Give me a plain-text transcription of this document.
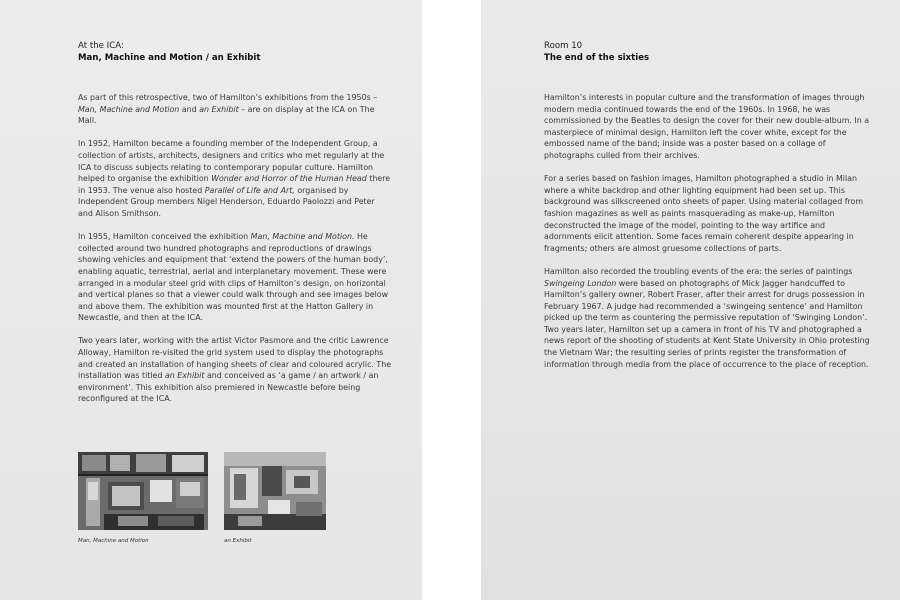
At the ICA:
Man, Machine and Motion / an Exhibit

As part of this retrospective, two of Hamilton’s exhibitions from the 1950s – Man, Machine and Motion and an Exhibit – are on display at the ICA on The Mall.

In 1952, Hamilton became a founding member of the Independent Group, a collection of artists, architects, designers and critics who met regularly at the ICA to discuss subjects relating to contemporary popular culture. Hamilton helped to organise the exhibition Wonder and Horror of the Human Head there in 1953. The venue also hosted Parallel of Life and Art, organised by Independent Group members Nigel Henderson, Eduardo Paolozzi and Peter and Alison Smithson.

In 1955, Hamilton conceived the exhibition Man, Machine and Motion. He collected around two hundred photographs and reproductions of drawings showing vehicles and equipment that ‘extend the powers of the human body’, enabling aquatic, terrestrial, aerial and interplanetary movement. These were arranged in a modular steel grid with clips of Hamilton’s design, on horizontal and vertical planes so that a viewer could walk through and see images below and above them. The exhibition was mounted first at the Hatton Gallery in Newcastle, and then at the ICA.

Two years later, working with the artist Victor Pasmore and the critic Lawrence Alloway, Hamilton re-visited the grid system used to display the photographs and created an installation of hanging sheets of clear and coloured acrylic. The installation was titled an Exhibit and conceived as ‘a game / an artwork / an environment’. This exhibition also premiered in Newcastle before being reconfigured at the ICA.

Man, Machine and Motion	an Exhibit
Room 10
The end of the sixties

Hamilton’s interests in popular culture and the transformation of images through modern media continued towards the end of the 1960s. In 1968, he was commissioned by the Beatles to design the cover for their new double-album. In a masterpiece of minimal design, Hamilton left the cover white, except for the embossed name of the band; inside was a poster based on a collage of photographs culled from their archives.

For a series based on fashion images, Hamilton photographed a studio in Milan where a white backdrop and other lighting equipment had been set up. This background was silkscreened onto sheets of paper. Using material collaged from fashion magazines as well as paints masquerading as make-up, Hamilton deconstructed the image of the model, pointing to the way artifice and adornments elicit attention. Some faces remain coherent despite appearing in fragments; others are almost gruesome collections of parts.

Hamilton also recorded the troubling events of the era: the series of paintings Swingeing London were based on photographs of Mick Jagger handcuffed to Hamilton’s gallery owner, Robert Fraser, after their arrest for drugs possession in February 1967. A judge had recommended a ‘swingeing sentence’ and Hamilton picked up the term as countering the permissive reputation of ‘Swinging London’. Two years later, Hamilton set up a camera in front of his TV and photographed a news report of the shooting of students at Kent State University in Ohio protesting the Vietnam War; the resulting series of prints register the transformation of information through media from the place of occurrence to the place of reception.
